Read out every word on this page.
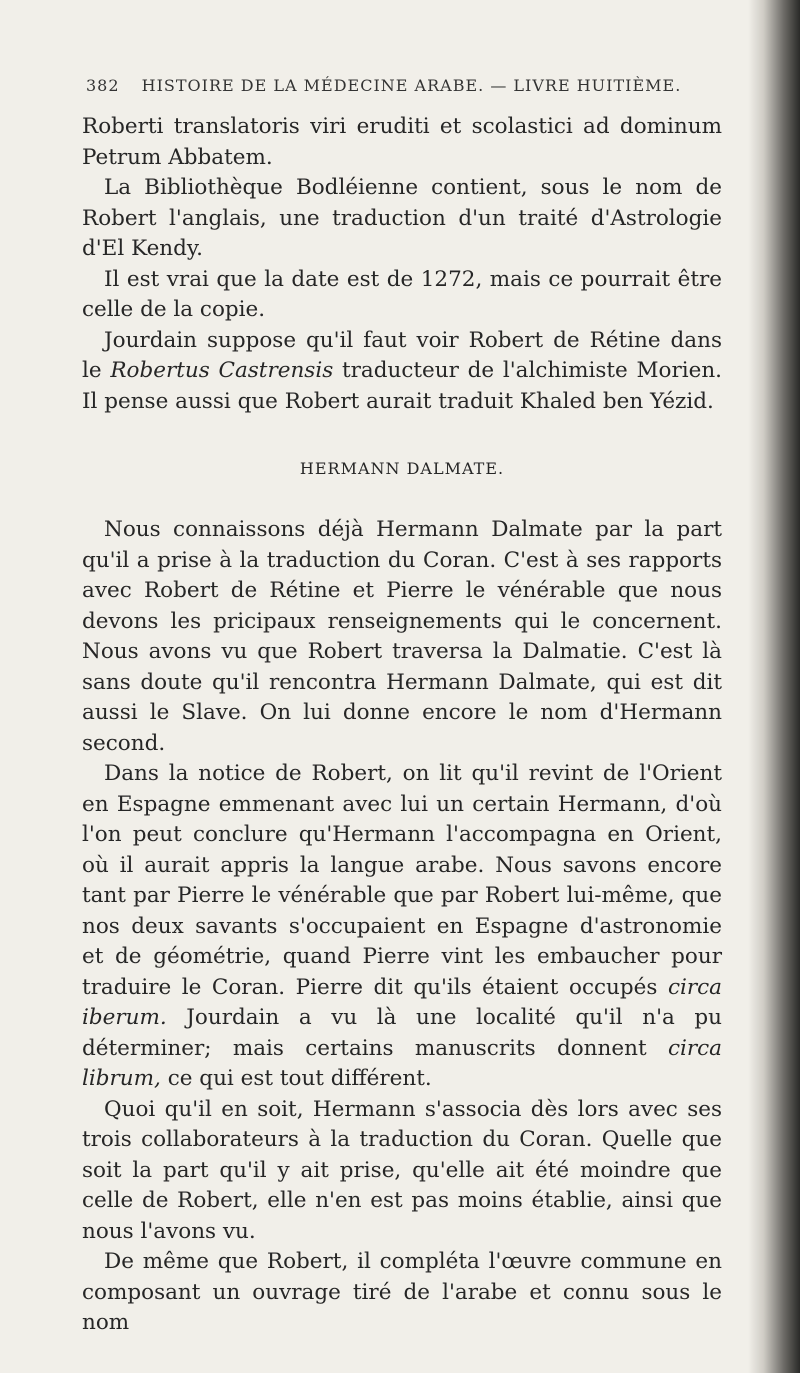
382 HISTOIRE DE LA MÉDECINE ARABE. — LIVRE HUITIÈME.

Roberti translatoris viri eruditi et scolastici ad dominum Petrum Abbatem.

La Bibliothèque Bodléienne contient, sous le nom de Robert l'anglais, une traduction d'un traité d'Astrologie d'El Kendy.

Il est vrai que la date est de 1272, mais ce pourrait être celle de la copie.

Jourdain suppose qu'il faut voir Robert de Rétine dans le Robertus Castrensis traducteur de l'alchimiste Morien. Il pense aussi que Robert aurait traduit Khaled ben Yézid.

HERMANN DALMATE.

Nous connaissons déjà Hermann Dalmate par la part qu'il a prise à la traduction du Coran. C'est à ses rapports avec Robert de Rétine et Pierre le vénérable que nous devons les pricipaux renseignements qui le concernent. Nous avons vu que Robert traversa la Dalmatie. C'est là sans doute qu'il rencontra Hermann Dalmate, qui est dit aussi le Slave. On lui donne encore le nom d'Hermann second.

Dans la notice de Robert, on lit qu'il revint de l'Orient en Espagne emmenant avec lui un certain Hermann, d'où l'on peut conclure qu'Hermann l'accompagna en Orient, où il aurait appris la langue arabe. Nous savons encore tant par Pierre le vénérable que par Robert lui-même, que nos deux savants s'occupaient en Espagne d'astronomie et de géométrie, quand Pierre vint les embaucher pour traduire le Coran. Pierre dit qu'ils étaient occupés circa iberum. Jourdain a vu là une localité qu'il n'a pu déterminer; mais certains manuscrits donnent circa librum, ce qui est tout différent.

Quoi qu'il en soit, Hermann s'associa dès lors avec ses trois collaborateurs à la traduction du Coran. Quelle que soit la part qu'il y ait prise, qu'elle ait été moindre que celle de Robert, elle n'en est pas moins établie, ainsi que nous l'avons vu.

De même que Robert, il compléta l'œuvre commune en composant un ouvrage tiré de l'arabe et connu sous le nom
